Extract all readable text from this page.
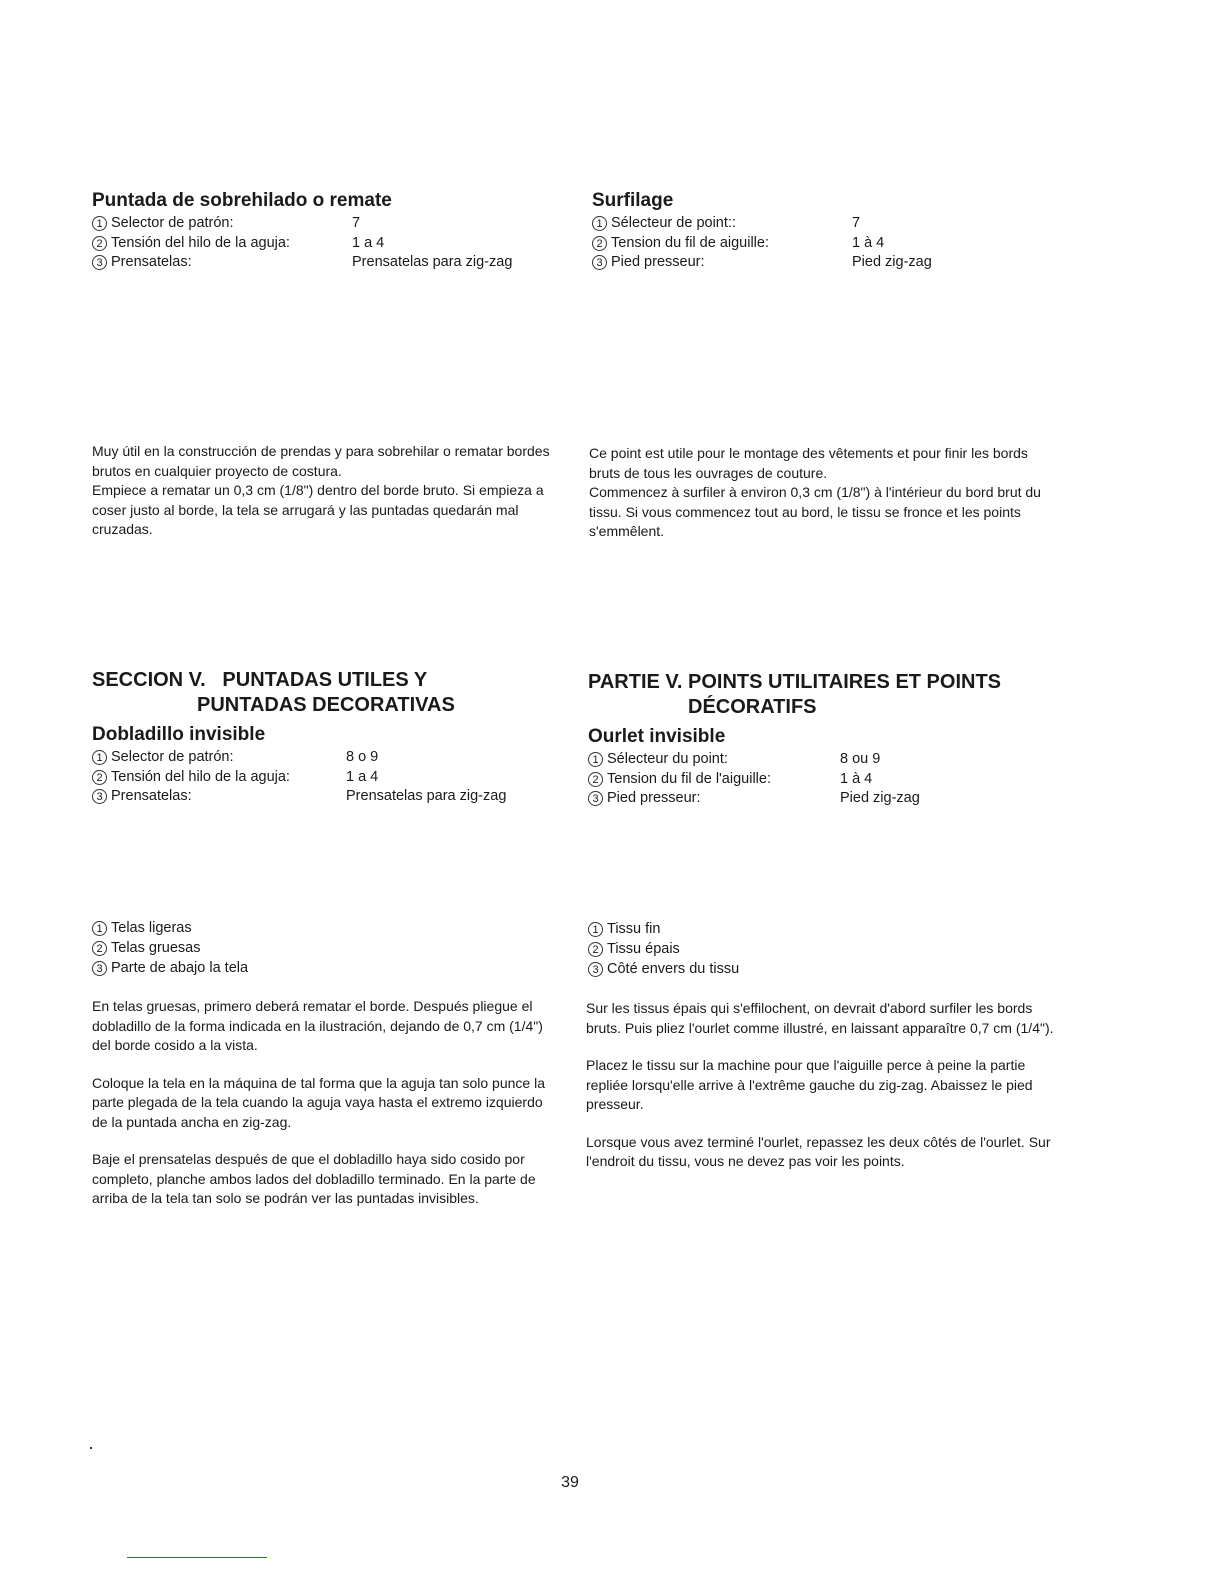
Puntada de sobrehilado o remate
1 Selector de patrón:	7
2 Tensión del hilo de la aguja:	1 a 4
3 Prensatelas:	Prensatelas para zig-zag
Surfilage
1 Sélecteur de point::	7
2 Tension du fil de aiguille:	1 à 4
3 Pied presseur:	Pied zig-zag

Muy útil en la construcción de prendas y para sobrehilar o rematar bordes brutos en cualquier proyecto de costura.

Empiece a rematar un 0,3 cm (1/8") dentro del borde bruto. Si empieza a coser justo al borde, la tela se arrugará y las puntadas quedarán mal cruzadas.

Ce point est utile pour le montage des vêtements et pour finir les bords bruts de tous les ouvrages de couture.

Commencez à surfiler à environ 0,3 cm (1/8") à l'intérieur du bord brut du tissu. Si vous commencez tout au bord, le tissu se fronce et les points s'emmêlent.

SECCION V.   PUNTADAS UTILES Y
PUNTADAS DECORATIVAS
Dobladillo invisible
1 Selector de patrón:	8 o 9
2 Tensión del hilo de la aguja:	1 a 4
3 Prensatelas:	Prensatelas para zig-zag
PARTIE V. POINTS UTILITAIRES ET POINTS
DÉCORATIFS
Ourlet invisible
1 Sélecteur du point:	8 ou 9
2 Tension du fil de l'aiguille:	1 à 4
3 Pied presseur:	Pied zig-zag
1 Telas ligeras
2 Telas gruesas
3 Parte de abajo la tela
1 Tissu fin
2 Tissu épais
3 Côté envers du tissu

En telas gruesas, primero deberá rematar el borde. Después pliegue el dobladillo de la forma indicada en la ilustración, dejando de 0,7 cm (1/4") del borde cosido a la vista.

Coloque la tela en la máquina de tal forma que la aguja tan solo punce la parte plegada de la tela cuando la aguja vaya hasta el extremo izquierdo de la puntada ancha en zig-zag.

Baje el prensatelas después de que el dobladillo haya sido cosido por completo, planche ambos lados del dobladillo terminado. En la parte de arriba de la tela tan solo se podrán ver las puntadas invisibles.

Sur les tissus épais qui s'effilochent, on devrait d'abord surfiler les bords bruts. Puis pliez l'ourlet comme illustré, en laissant apparaître 0,7 cm (1/4").

Placez le tissu sur la machine pour que l'aiguille perce à peine la partie repliée lorsqu'elle arrive à l'extrême gauche du zig-zag. Abaissez le pied presseur.

Lorsque vous avez terminé l'ourlet, repassez les deux côtés de l'ourlet. Sur l'endroit du tissu, vous ne devez pas voir les points.

39
